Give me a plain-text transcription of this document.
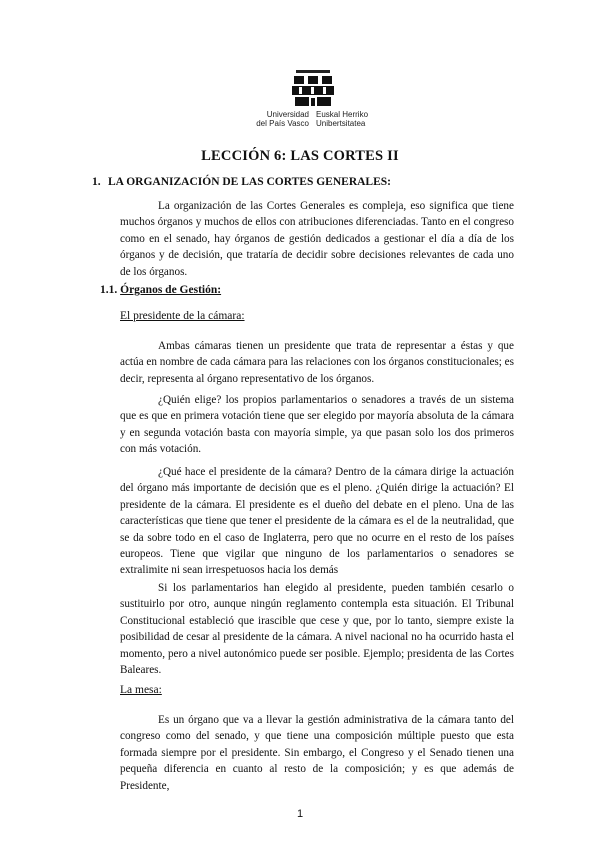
Universidad
del País Vasco
Euskal Herriko
Unibertsitatea
LECCIÓN 6: LAS CORTES II
1. LA ORGANIZACIÓN DE LAS CORTES GENERALES:

La organización de las Cortes Generales es compleja, eso significa que tiene muchos órganos y muchos de ellos con atribuciones diferenciadas. Tanto en el congreso como en el senado, hay órganos de gestión dedicados a gestionar el día a día de los órganos y de decisión, que trataría de decidir sobre decisiones relevantes de cada uno de los órganos.

1.1. Órganos de Gestión:
El presidente de la cámara:

Ambas cámaras tienen un presidente que trata de representar a éstas y que actúa en nombre de cada cámara para las relaciones con los órganos constitucionales; es decir, representa al órgano representativo de los órganos.

¿Quién elige? los propios parlamentarios o senadores a través de un sistema que es que en primera votación tiene que ser elegido por mayoría absoluta de la cámara y en segunda votación basta con mayoría simple, ya que pasan solo los dos primeros con más votación.

¿Qué hace el presidente de la cámara? Dentro de la cámara dirige la actuación del órgano más importante de decisión que es el pleno. ¿Quién dirige la actuación? El presidente de la cámara. El presidente es el dueño del debate en el pleno. Una de las características que tiene que tener el presidente de la cámara es el de la neutralidad, que se da sobre todo en el caso de Inglaterra, pero que no ocurre en el resto de los países europeos. Tiene que vigilar que ninguno de los parlamentarios o senadores se extralimite ni sean irrespetuosos hacia los demás

Si los parlamentarios han elegido al presidente, pueden también cesarlo o sustituirlo por otro, aunque ningún reglamento contempla esta situación. El Tribunal Constitucional estableció que irascible que cese y que, por lo tanto, siempre existe la posibilidad de cesar al presidente de la cámara. A nivel nacional no ha ocurrido hasta el momento, pero a nivel autonómico puede ser posible. Ejemplo; presidenta de las Cortes Baleares.

La mesa:

Es un órgano que va a llevar la gestión administrativa de la cámara tanto del congreso como del senado, y que tiene una composición múltiple puesto que esta formada siempre por el presidente. Sin embargo, el Congreso y el Senado tienen una pequeña diferencia en cuanto al resto de la composición; y es que además de Presidente,

1
